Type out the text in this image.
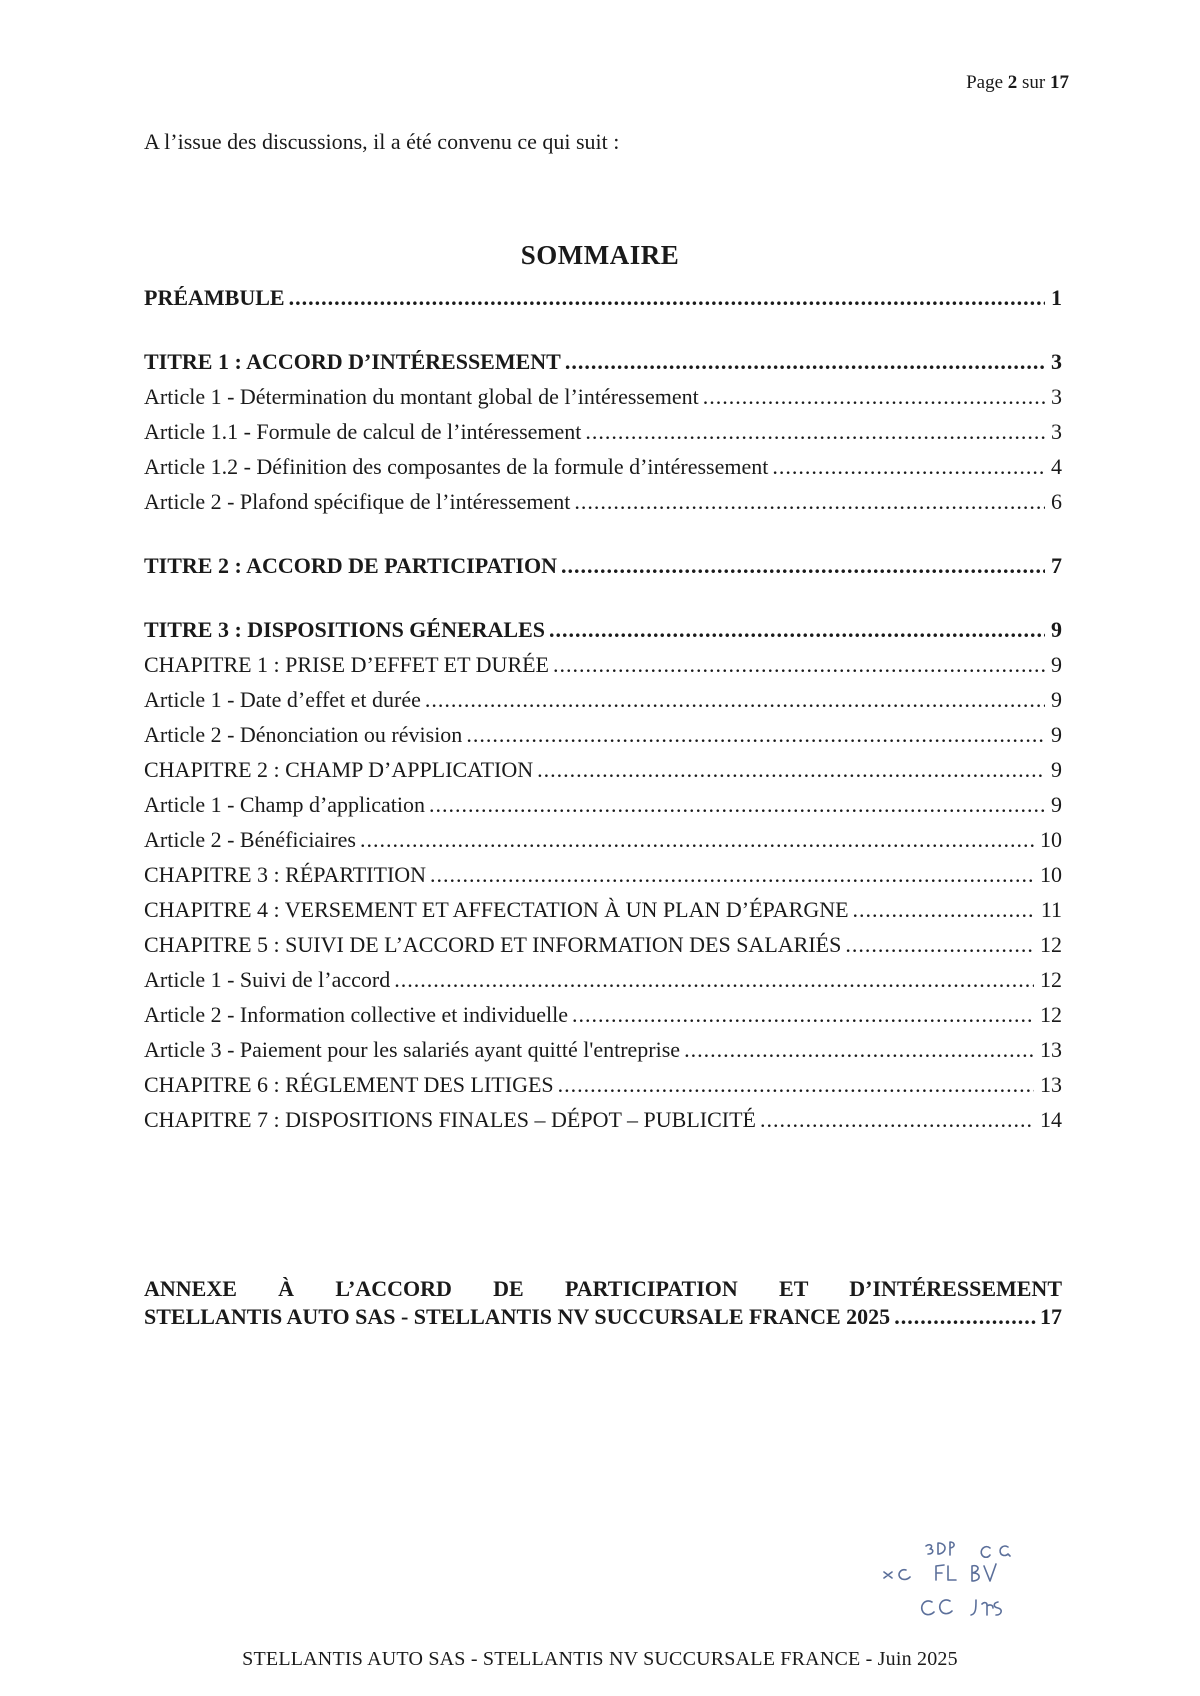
Page 2 sur 17
A l’issue des discussions, il a été convenu ce qui suit :
SOMMAIRE
PRÉAMBULE .....	1
TITRE 1 : ACCORD D’INTÉRESSEMENT .....	3
Article 1 - Détermination du montant global de l’intéressement .....	3
Article 1.1 - Formule de calcul de l’intéressement .....	3
Article 1.2 - Définition des composantes de la formule d’intéressement .....	4
Article 2 - Plafond spécifique de l’intéressement .....	6
TITRE 2 : ACCORD DE PARTICIPATION .....	7
TITRE 3 : DISPOSITIONS GÉNERALES .....	9
CHAPITRE 1 : PRISE D’EFFET ET DURÉE .....	9
Article 1 - Date d’effet et durée .....	9
Article 2 - Dénonciation ou révision .....	9
CHAPITRE 2 : CHAMP D’APPLICATION .....	9
Article 1 - Champ d’application .....	9
Article 2 - Bénéficiaires .....	10
CHAPITRE 3 : RÉPARTITION .....	10
CHAPITRE 4 : VERSEMENT ET AFFECTATION À UN PLAN D’ÉPARGNE .....	11
CHAPITRE 5 : SUIVI DE L’ACCORD ET INFORMATION DES SALARIÉS .....	12
Article 1 - Suivi de l’accord .....	12
Article 2 - Information collective et individuelle .....	12
Article 3 - Paiement pour les salariés ayant quitté l'entreprise .....	13
CHAPITRE 6 : RÉGLEMENT DES LITIGES .....	13
CHAPITRE 7 : DISPOSITIONS FINALES – DÉPOT – PUBLICITÉ .....	14
ANNEXE À L’ACCORD DE PARTICIPATION ET D’INTÉRESSEMENT
STELLANTIS AUTO SAS - STELLANTIS NV SUCCURSALE FRANCE 2025 .....	17
STELLANTIS AUTO SAS - STELLANTIS NV SUCCURSALE FRANCE - Juin 2025
